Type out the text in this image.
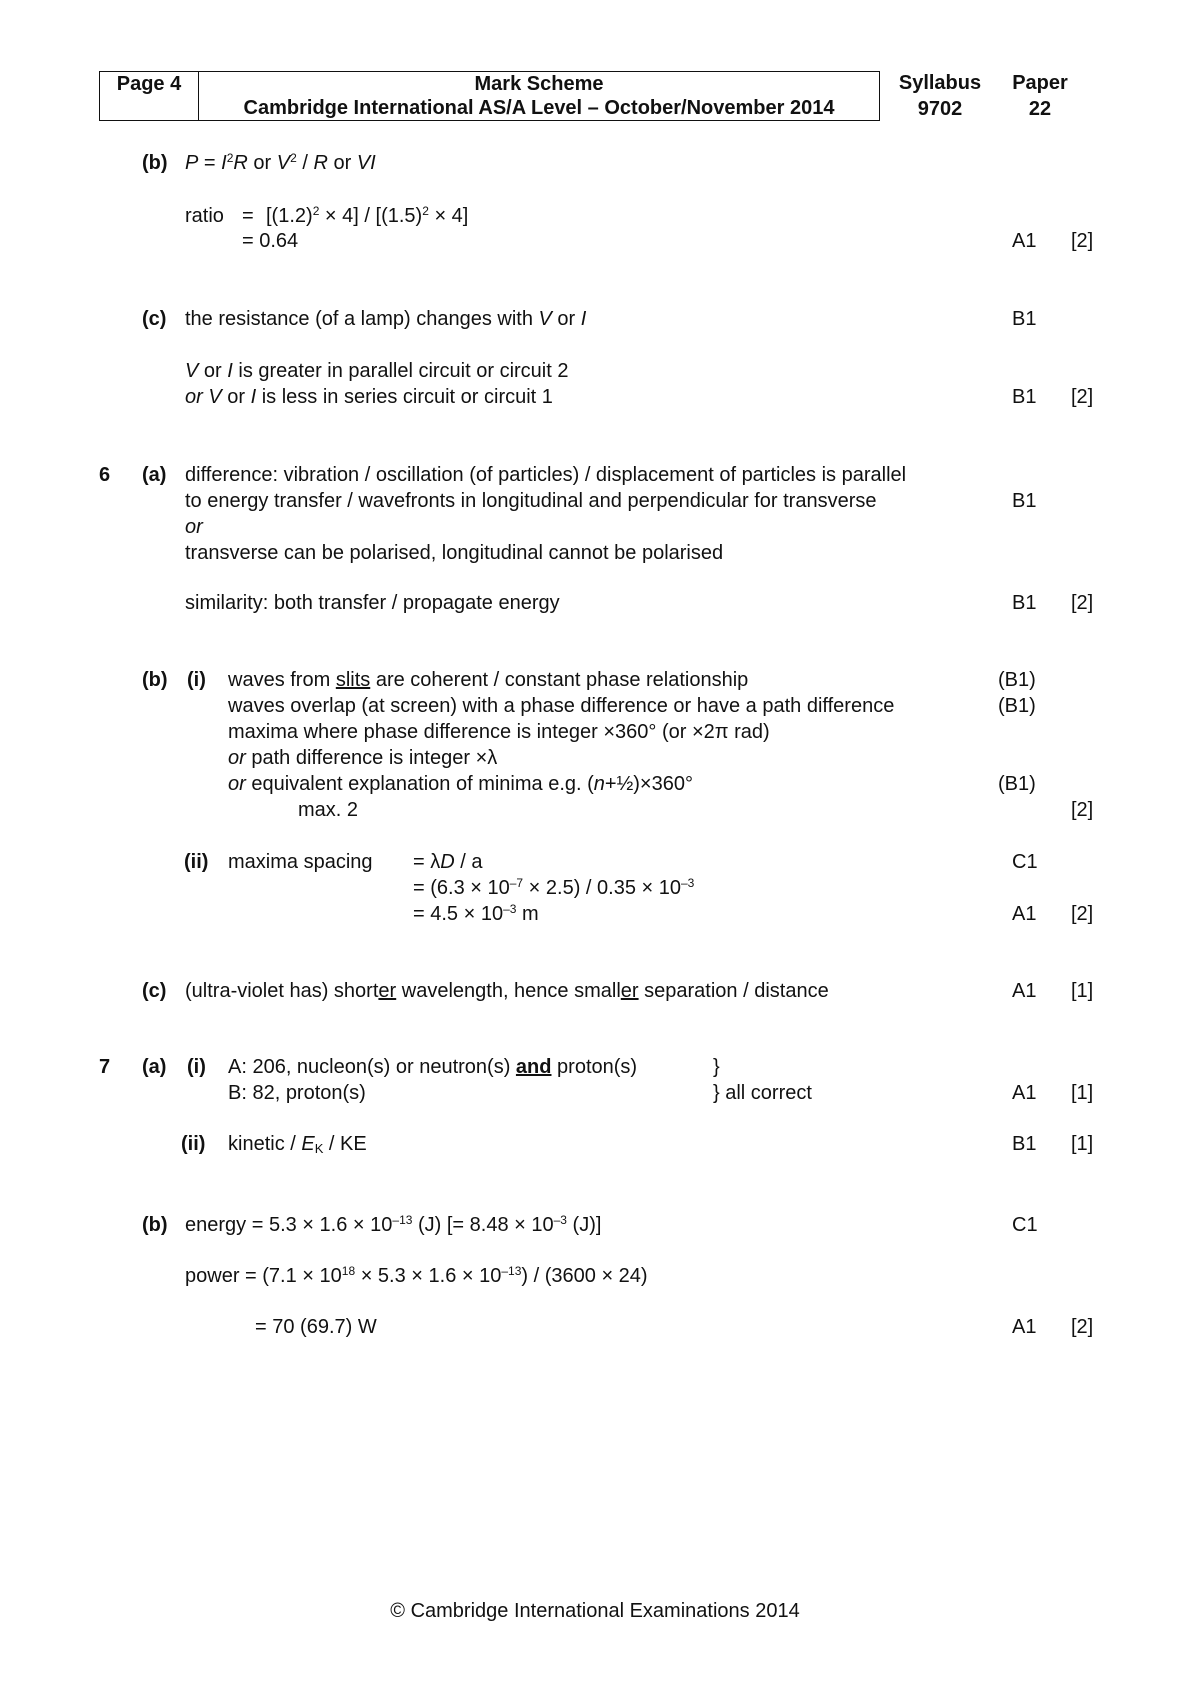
Page 4	Mark Scheme
	Cambridge International AS/A Level – October/November 2014
Syllabus
9702
Paper
22
(b) $P = I^2R$ or $V^2$ / R or VI
ratio = $[(1.2)^2 \times 4] / [(1.5)^2 \times 4]$
= 0.64	A1 [2]
(c) the resistance (of a lamp) changes with V or I	B1
V or I is greater in parallel circuit or circuit 2
or V or I is less in series circuit or circuit 1	B1 [2]
6 (a) difference: vibration / oscillation (of particles) / displacement of particles is parallel
to energy transfer / wavefronts in longitudinal and perpendicular for transverse	B1
or
transverse can be polarised, longitudinal cannot be polarised
similarity: both transfer / propagate energy	B1 [2]
(b) (i) waves from slits are coherent / constant phase relationship	(B1)
waves overlap (at screen) with a phase difference or have a path difference	(B1)
maxima where phase difference is integer ×360° (or ×2π rad)
or path difference is integer ×λ
or equivalent explanation of minima e.g. (n+½)×360°	(B1)
max. 2	[2]
(ii) maxima spacing = λD / a	C1
= $(6.3 \times 10^{-7} \times 2.5) / 0.35 \times 10^{-3}$
= $4.5 \times 10^{-3}$ m	A1 [2]
(c) (ultra-violet has) shorter wavelength, hence smaller separation / distance	A1 [1]
7 (a) (i) A: 206, nucleon(s) or neutron(s) and proton(s)	}
B: 82, proton(s)	} all correct	A1 [1]
(ii) kinetic / $E_K$ / KE	B1 [1]
(b) energy = $5.3 \times 1.6 \times 10^{-13}$ (J) [= $8.48 \times 10^{-3}$ (J)]	C1
power = $(7.1 \times 10^{18} \times 5.3 \times 1.6 \times 10^{-13}) / (3600 \times 24)$
= 70 (69.7) W	A1 [2]
© Cambridge International Examinations 2014
